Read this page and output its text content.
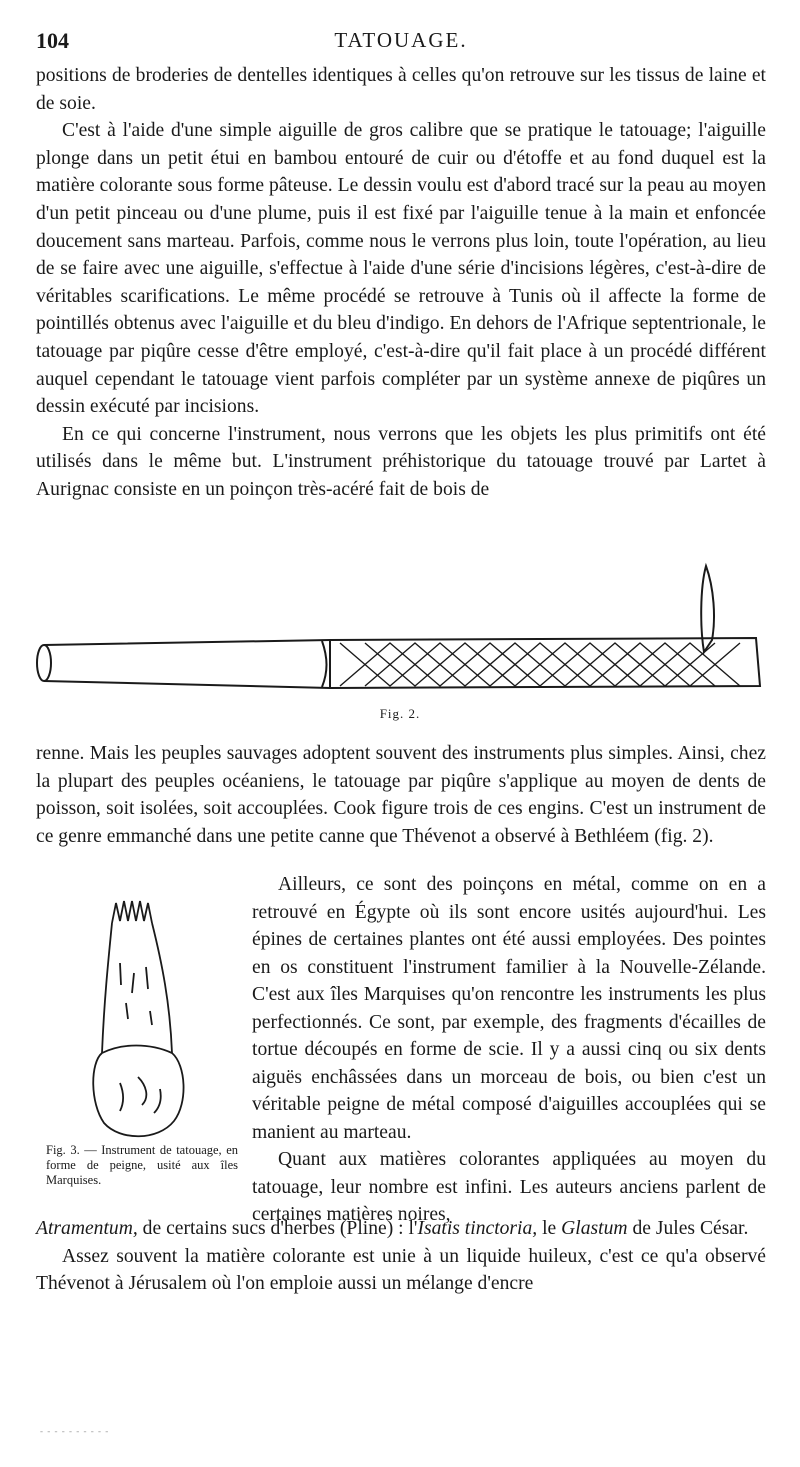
104	TATOUAGE.

positions de broderies de dentelles identiques à celles qu'on retrouve sur les tissus de laine et de soie.

C'est à l'aide d'une simple aiguille de gros calibre que se pratique le tatouage; l'aiguille plonge dans un petit étui en bambou entouré de cuir ou d'étoffe et au fond duquel est la matière colorante sous forme pâteuse. Le dessin voulu est d'abord tracé sur la peau au moyen d'un petit pinceau ou d'une plume, puis il est fixé par l'aiguille tenue à la main et enfoncée doucement sans marteau. Parfois, comme nous le verrons plus loin, toute l'opération, au lieu de se faire avec une aiguille, s'effectue à l'aide d'une série d'incisions légères, c'est-à-dire de véritables scarifications. Le même procédé se retrouve à Tunis où il affecte la forme de pointillés obtenus avec l'aiguille et du bleu d'indigo. En dehors de l'Afrique septentrionale, le tatouage par piqûre cesse d'être employé, c'est-à-dire qu'il fait place à un procédé différent auquel cependant le tatouage vient parfois compléter par un système annexe de piqûres un dessin exécuté par incisions.

En ce qui concerne l'instrument, nous verrons que les objets les plus primitifs ont été utilisés dans le même but. L'instrument préhistorique du tatouage trouvé par Lartet à Aurignac consiste en un poinçon très-acéré fait de bois de

Fig. 2.

renne. Mais les peuples sauvages adoptent souvent des instruments plus simples. Ainsi, chez la plupart des peuples océaniens, le tatouage par piqûre s'applique au moyen de dents de poisson, soit isolées, soit accouplées. Cook figure trois de ces engins. C'est un instrument de ce genre emmanché dans une petite canne que Thévenot a observé à Bethléem (fig. 2).

Fig. 3. — Instrument de tatouage, en forme de peigne, usité aux îles Marquises.

Ailleurs, ce sont des poinçons en métal, comme on en a retrouvé en Égypte où ils sont encore usités aujourd'hui. Les épines de certaines plantes ont été aussi employées. Des pointes en os constituent l'instrument familier à la Nouvelle-Zélande. C'est aux îles Marquises qu'on rencontre les instruments les plus perfectionnés. Ce sont, par exemple, des fragments d'écailles de tortue découpés en forme de scie. Il y a aussi cinq ou six dents aiguës enchâssées dans un morceau de bois, ou bien c'est un véritable peigne de métal composé d'aiguilles accouplées qui se manient au marteau.

Quant aux matières colorantes appliquées au moyen du tatouage, leur nombre est infini. Les auteurs anciens parlent de certaines matières noires,

Atramentum, de certains sucs d'herbes (Pline) : l'Isatis tinctoria, le Glastum de Jules César.

Assez souvent la matière colorante est unie à un liquide huileux, c'est ce qu'a observé Thévenot à Jérusalem où l'on emploie aussi un mélange d'encre

- - - - - - - - - -
